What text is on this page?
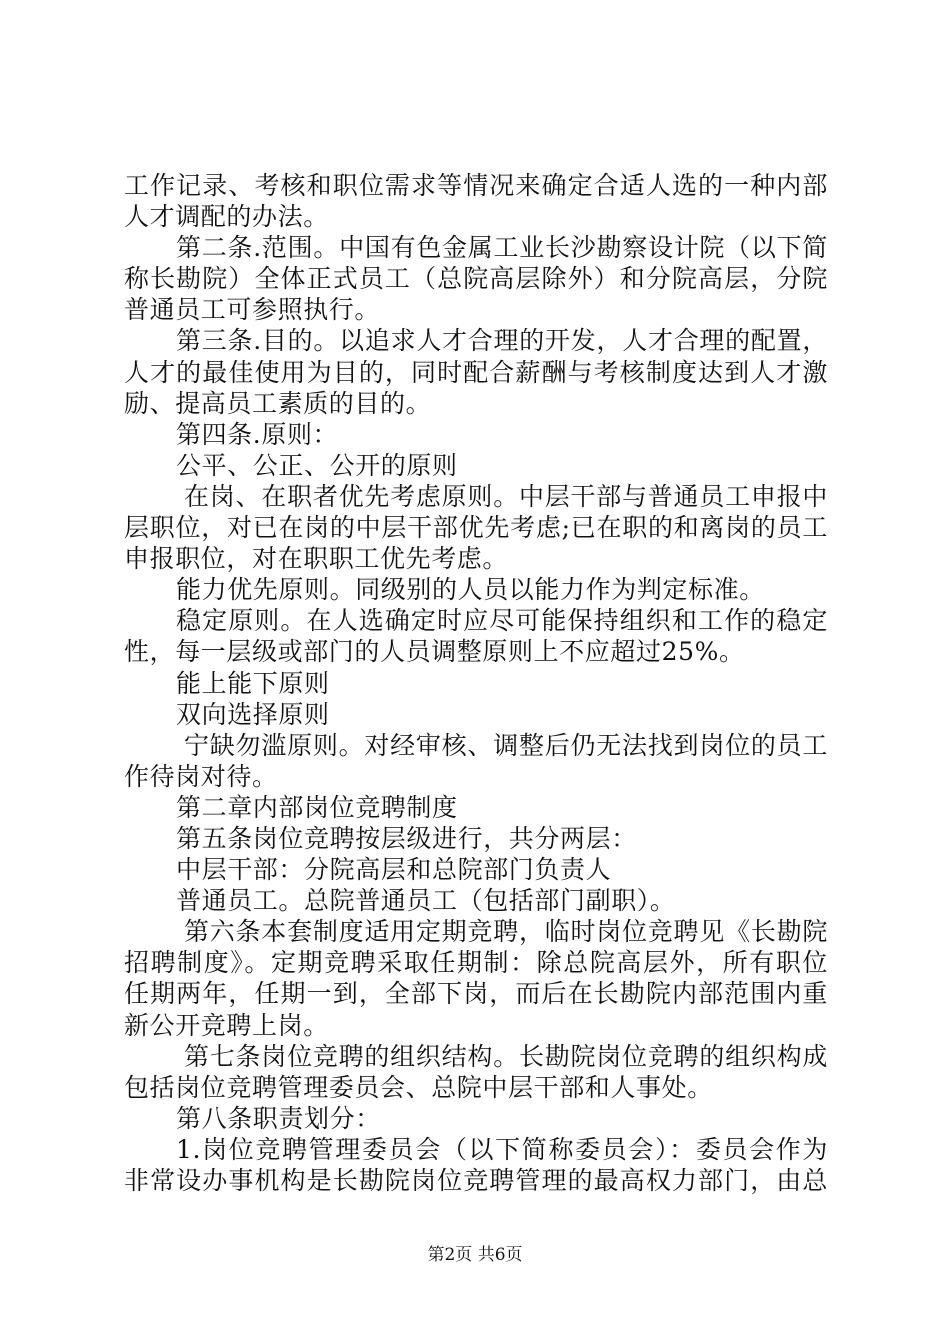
工作记录、考核和职位需求等情况来确定合适人选的一种内部
人才调配的办法。
第二条.范围。中国有色金属工业长沙勘察设计院（以下简
称长勘院）全体正式员工（总院高层除外）和分院高层，分院
普通员工可参照执行。
第三条.目的。以追求人才合理的开发，人才合理的配置，
人才的最佳使用为目的，同时配合薪酬与考核制度达到人才激
励、提高员工素质的目的。
第四条.原则：
公平、公正、公开的原则
在岗、在职者优先考虑原则。中层干部与普通员工申报中
层职位，对已在岗的中层干部优先考虑;已在职的和离岗的员工
申报职位，对在职职工优先考虑。
能力优先原则。同级别的人员以能力作为判定标准。
稳定原则。在人选确定时应尽可能保持组织和工作的稳定
性，每一层级或部门的人员调整原则上不应超过25%。
能上能下原则
双向选择原则
宁缺勿滥原则。对经审核、调整后仍无法找到岗位的员工
作待岗对待。
第二章内部岗位竞聘制度
第五条岗位竞聘按层级进行，共分两层：
中层干部：分院高层和总院部门负责人
普通员工。总院普通员工（包括部门副职）。
第六条本套制度适用定期竞聘，临时岗位竞聘见《长勘院
招聘制度》。定期竞聘采取任期制：除总院高层外，所有职位
任期两年，任期一到，全部下岗，而后在长勘院内部范围内重
新公开竞聘上岗。
第七条岗位竞聘的组织结构。长勘院岗位竞聘的组织构成
包括岗位竞聘管理委员会、总院中层干部和人事处。
第八条职责划分：
1.岗位竞聘管理委员会（以下简称委员会）：委员会作为
非常设办事机构是长勘院岗位竞聘管理的最高权力部门，由总
第2页 共6页
